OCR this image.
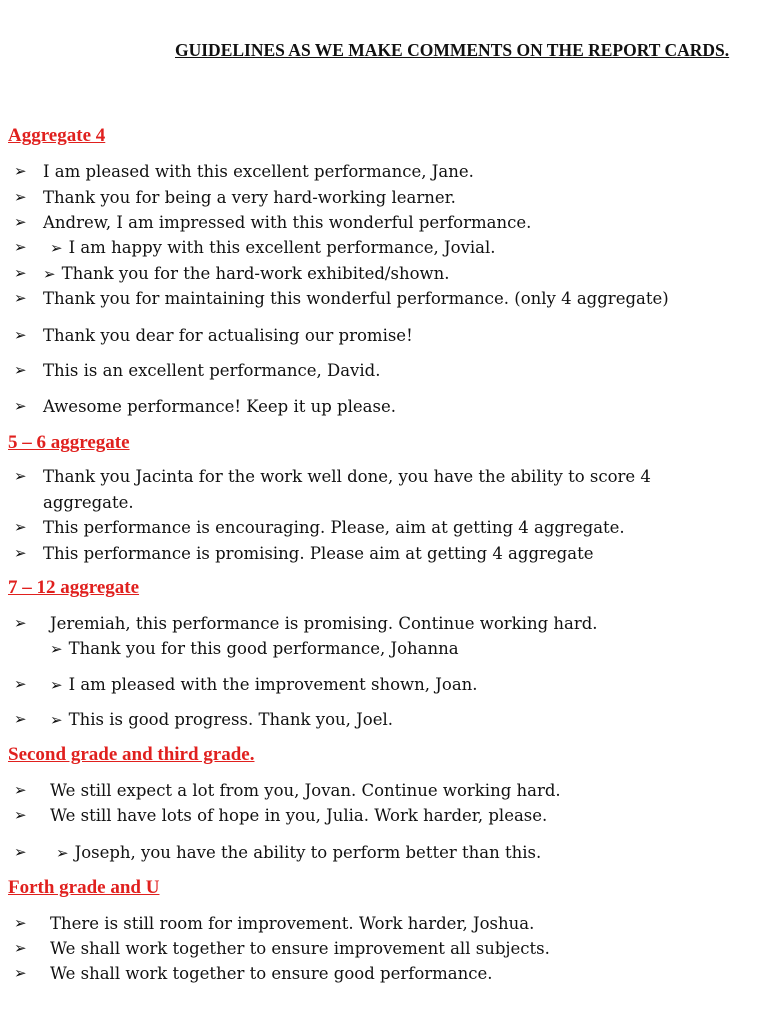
GUIDELINES AS WE MAKE COMMENTS ON THE REPORT CARDS.
Aggregate 4
➢ I am pleased with this excellent performance, Jane.
➢ Thank you for being a very hard-working learner.
➢ Andrew, I am impressed with this wonderful performance.
➢ ➢ I am happy with this excellent performance, Jovial.
➢ ➢ Thank you for the hard-work exhibited/shown.
➢ Thank you for maintaining this wonderful performance. (only 4 aggregate)
➢ Thank you dear for actualising our promise!
➢ This is an excellent performance, David.
➢ Awesome performance! Keep it up please.
5 – 6 aggregate
➢ Thank you Jacinta for the work well done, you have the ability to score 4
aggregate.
➢ This performance is encouraging. Please, aim at getting 4 aggregate.
➢ This performance is promising. Please aim at getting 4 aggregate
7 – 12 aggregate
➢ Jeremiah, this performance is promising. Continue working hard.
➢ Thank you for this good performance, Johanna
➢ ➢ I am pleased with the improvement shown, Joan.
➢ ➢ This is good progress. Thank you, Joel.
Second grade and third grade.
➢ We still expect a lot from you, Jovan. Continue working hard.
➢ We still have lots of hope in you, Julia. Work harder, please.
➢ ➢ Joseph, you have the ability to perform better than this.
Forth grade and U
➢ There is still room for improvement. Work harder, Joshua.
➢ We shall work together to ensure improvement all subjects.
➢ We shall work together to ensure good performance.
